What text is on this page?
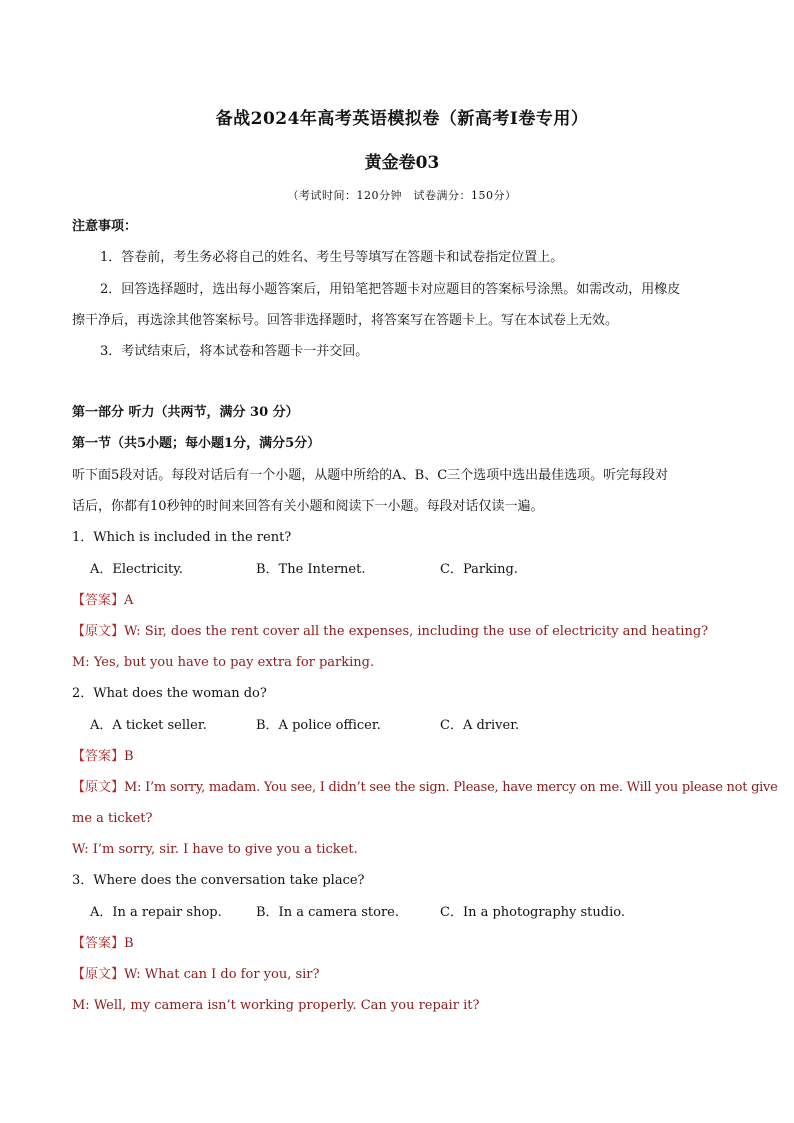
备战2024年高考英语模拟卷（新高考I卷专用）
黄金卷03
（考试时间：120分钟　试卷满分：150分）
注意事项：
1．答卷前，考生务必将自己的姓名、考生号等填写在答题卡和试卷指定位置上。
2．回答选择题时，选出每小题答案后，用铅笔把答题卡对应题目的答案标号涂黑。如需改动，用橡皮
擦干净后，再选涂其他答案标号。回答非选择题时，将答案写在答题卡上。写在本试卷上无效。
3．考试结束后，将本试卷和答题卡一并交回。
第一部分 听力（共两节，满分 30 分）
第一节（共5小题；每小题1分，满分5分）
听下面5段对话。每段对话后有一个小题，从题中所给的A、B、C三个选项中选出最佳选项。听完每段对
话后，你都有10秒钟的时间来回答有关小题和阅读下一小题。每段对话仅读一遍。
1．Which is included in the rent?
A．Electricity.	B．The Internet.	C．Parking.
【答案】A
【原文】W: Sir, does the rent cover all the expenses, including the use of electricity and heating?
M: Yes, but you have to pay extra for parking.
2．What does the woman do?
A．A ticket seller.	B．A police officer.	C．A driver.
【答案】B
【原文】M: I’m sorry, madam. You see, I didn’t see the sign. Please, have mercy on me. Will you please not give
me a ticket?
W: I’m sorry, sir. I have to give you a ticket.
3．Where does the conversation take place?
A．In a repair shop.	B．In a camera store.	C．In a photography studio.
【答案】B
【原文】W: What can I do for you, sir?
M: Well, my camera isn’t working properly. Can you repair it?
